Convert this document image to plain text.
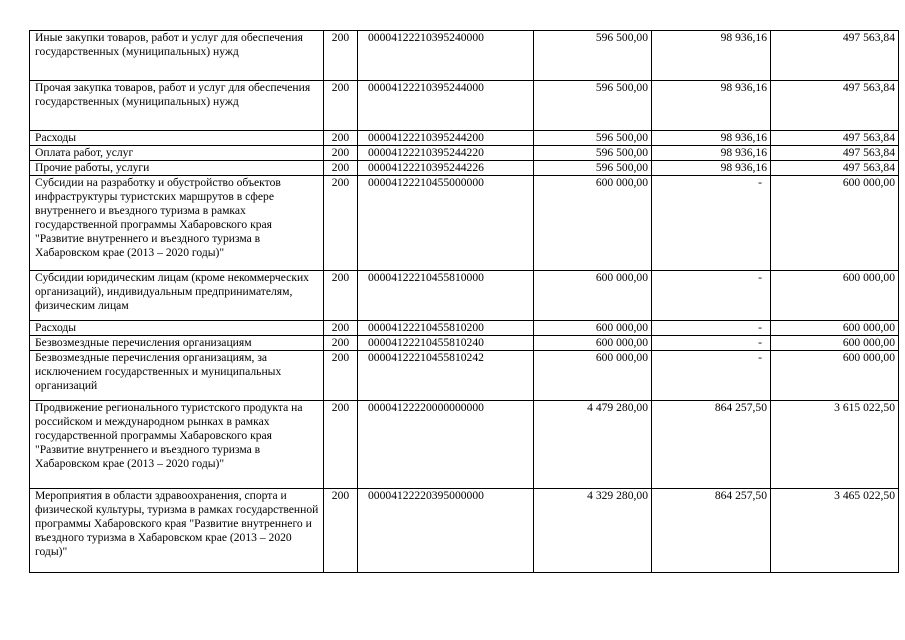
Иные закупки товаров, работ и услуг для обеспечения государственных (муниципальных) нужд	200	00004122210395240000	596 500,00	98 936,16	497 563,84
Прочая закупка товаров, работ и услуг для обеспечения государственных (муниципальных) нужд	200	00004122210395244000	596 500,00	98 936,16	497 563,84
Расходы	200	00004122210395244200	596 500,00	98 936,16	497 563,84
Оплата работ, услуг	200	00004122210395244220	596 500,00	98 936,16	497 563,84
Прочие работы, услуги	200	00004122210395244226	596 500,00	98 936,16	497 563,84
Субсидии на разработку и обустройство объектов инфраструктуры туристских маршрутов в сфере внутреннего и въездного туризма в рамках государственной программы Хабаровского края "Развитие внутреннего и въездного туризма в Хабаровском крае (2013 – 2020 годы)"	200	00004122210455000000	600 000,00	-	600 000,00
Субсидии юридическим лицам (кроме некоммерческих организаций), индивидуальным предпринимателям, физическим лицам	200	00004122210455810000	600 000,00	-	600 000,00
Расходы	200	00004122210455810200	600 000,00	-	600 000,00
Безвозмездные перечисления организациям	200	00004122210455810240	600 000,00	-	600 000,00
Безвозмездные перечисления организациям, за исключением государственных и муниципальных организаций	200	00004122210455810242	600 000,00	-	600 000,00
Продвижение регионального туристского продукта на российском и международном рынках в рамках государственной программы Хабаровского края "Развитие внутреннего и въездного туризма в Хабаровском крае (2013 – 2020 годы)"	200	00004122220000000000	4 479 280,00	864 257,50	3 615 022,50
Мероприятия в области здравоохранения, спорта и физической культуры, туризма в рамках государственной программы Хабаровского края "Развитие внутреннего и въездного туризма в Хабаровском крае (2013 – 2020 годы)"	200	00004122220395000000	4 329 280,00	864 257,50	3 465 022,50
